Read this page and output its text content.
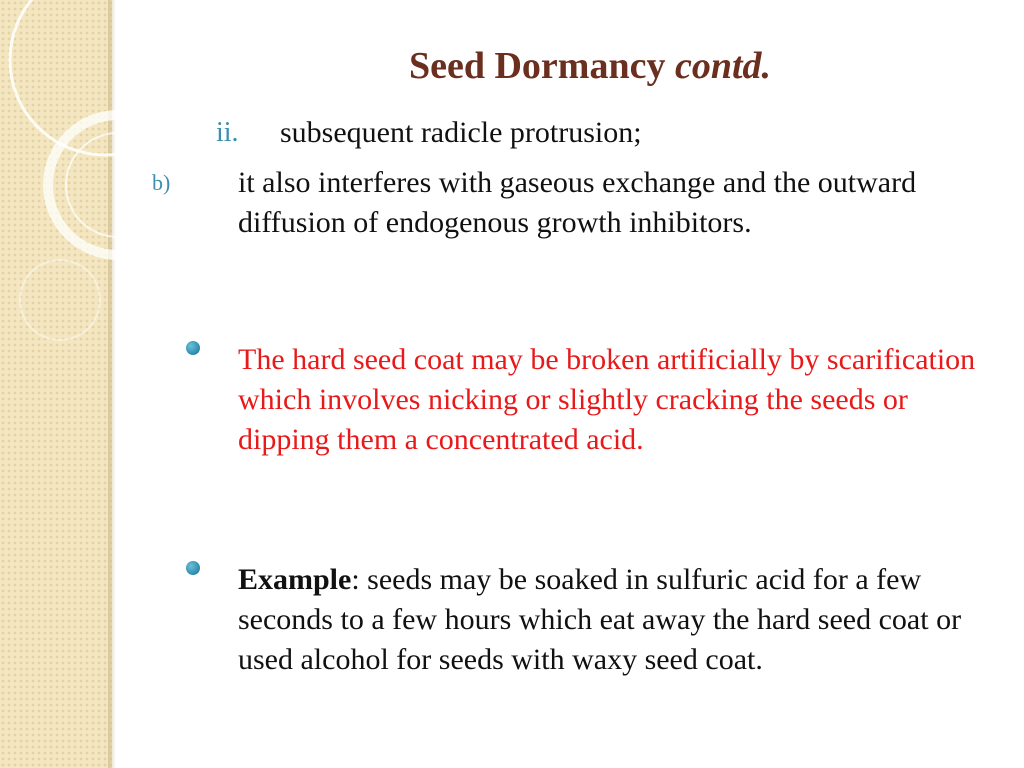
Seed Dormancy contd.
ii. subsequent radicle protrusion;
b) it also interferes with gaseous exchange and the outward diffusion of endogenous growth inhibitors.
The hard seed coat may be broken artificially by scarification which involves nicking or slightly cracking the seeds or dipping them a concentrated acid.
Example: seeds may be soaked in sulfuric acid for a few seconds to a few hours which eat away the hard seed coat or used alcohol for seeds with waxy seed coat.
